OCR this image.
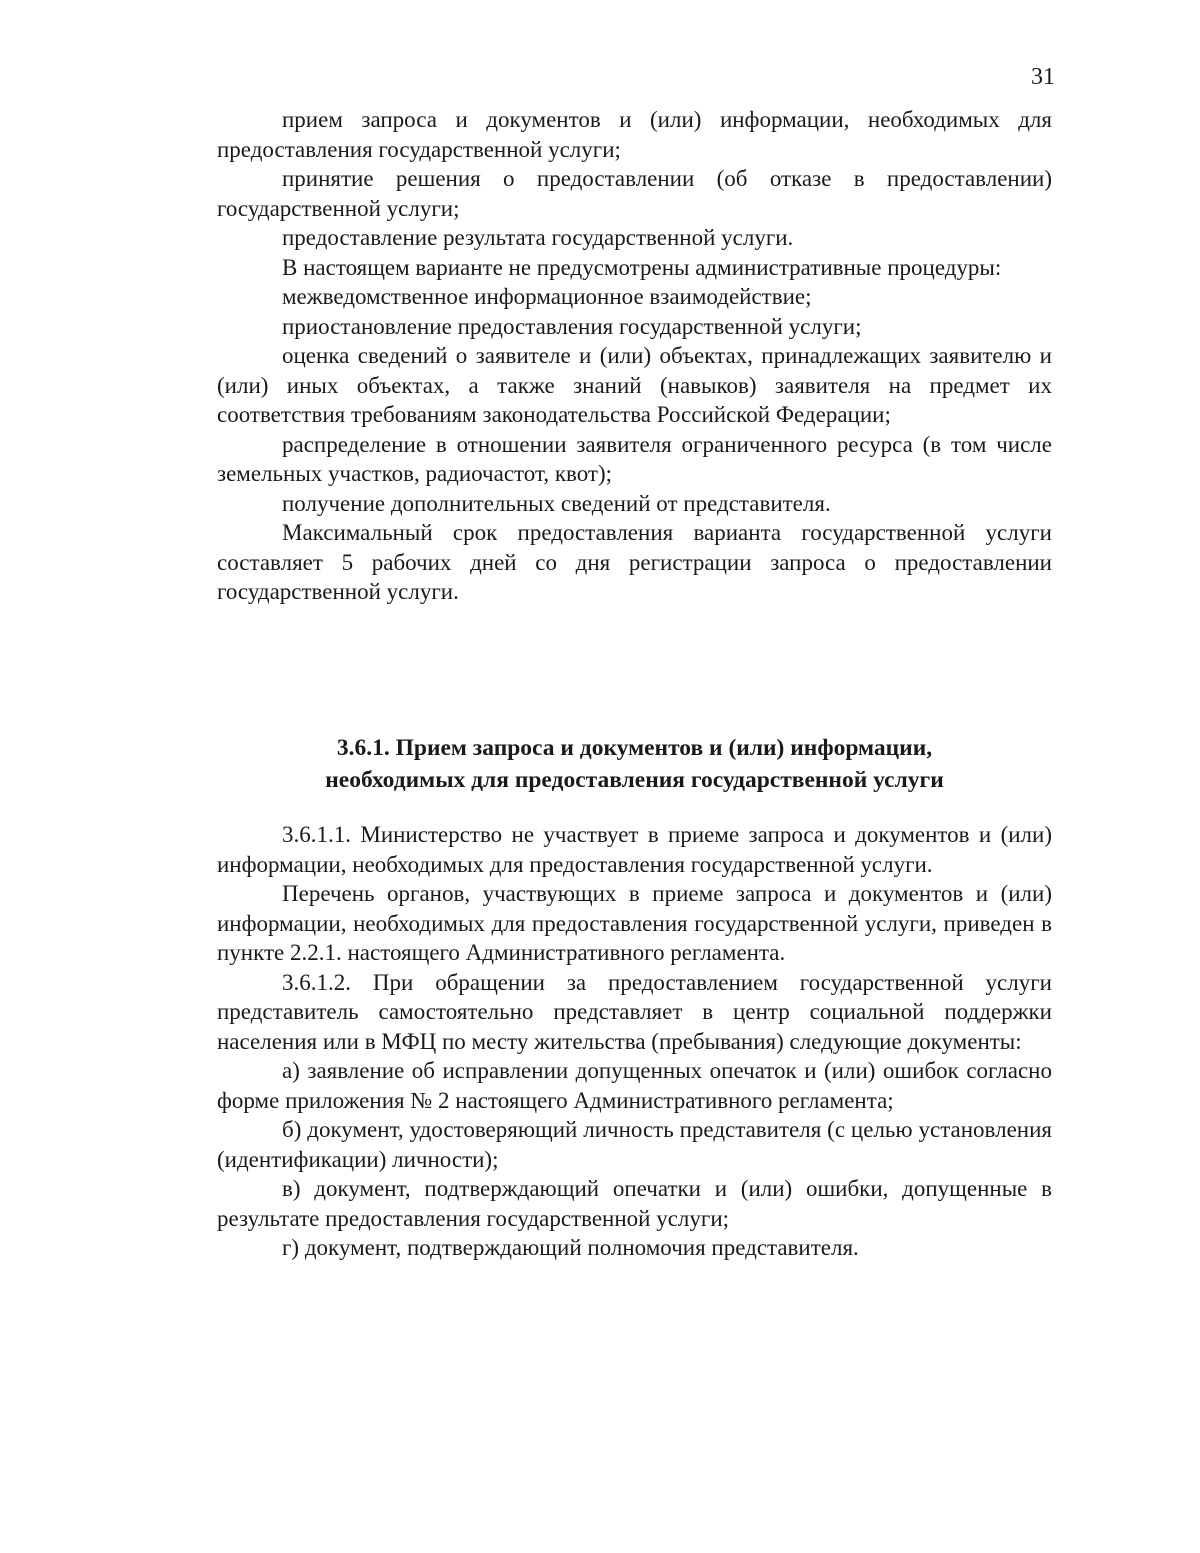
31

прием запроса и документов и (или) информации, необходимых для предоставления государственной услуги;

принятие решения о предоставлении (об отказе в предоставлении) государственной услуги;

предоставление результата государственной услуги.

В настоящем варианте не предусмотрены административные процедуры:

межведомственное информационное взаимодействие;

приостановление предоставления государственной услуги;

оценка сведений о заявителе и (или) объектах, принадлежащих заявителю и (или) иных объектах, а также знаний (навыков) заявителя на предмет их соответствия требованиям законодательства Российской Федерации;

распределение в отношении заявителя ограниченного ресурса (в том числе земельных участков, радиочастот, квот);

получение дополнительных сведений от представителя.

Максимальный срок предоставления варианта государственной услуги составляет 5 рабочих дней со дня регистрации запроса о предоставлении государственной услуги.

3.6.1. Прием запроса и документов и (или) информации,
необходимых для предоставления государственной услуги

3.6.1.1. Министерство не участвует в приеме запроса и документов и (или) информации, необходимых для предоставления государственной услуги.

Перечень органов, участвующих в приеме запроса и документов и (или) информации, необходимых для предоставления государственной услуги, приведен в пункте 2.2.1. настоящего Административного регламента.

3.6.1.2. При обращении за предоставлением государственной услуги представитель самостоятельно представляет в центр социальной поддержки населения или в МФЦ по месту жительства (пребывания) следующие документы:

а) заявление об исправлении допущенных опечаток и (или) ошибок согласно форме приложения № 2 настоящего Административного регламента;

б) документ, удостоверяющий личность представителя (с целью установления (идентификации) личности);

в) документ, подтверждающий опечатки и (или) ошибки, допущенные в результате предоставления государственной услуги;

г) документ, подтверждающий полномочия представителя.
